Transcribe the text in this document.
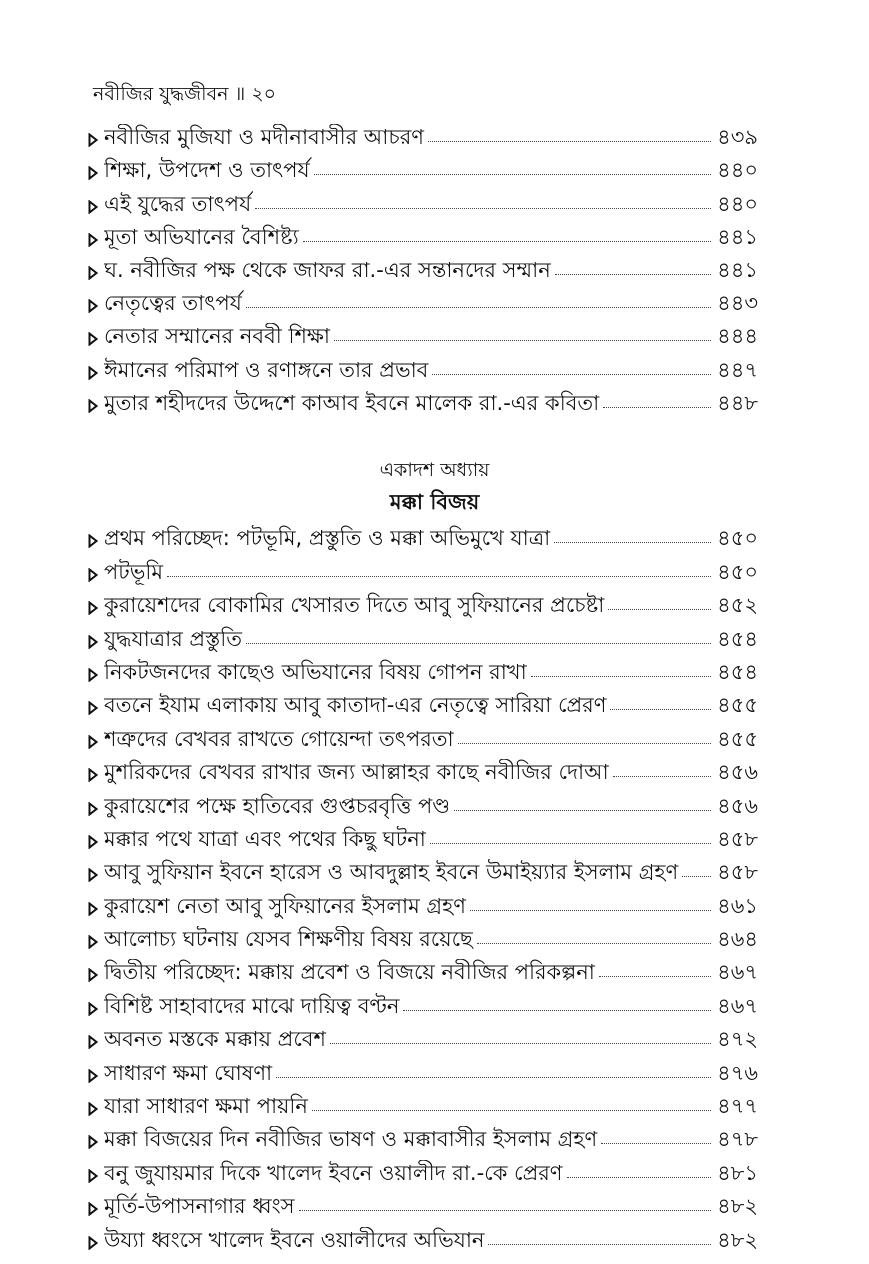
নবীজির যুদ্ধজীবন ॥ ২০
নবীজির মুজিযা ও মদীনাবাসীর আচরণ	৪৩৯
শিক্ষা, উপদেশ ও তাৎপর্য	৪৪০
এই যুদ্ধের তাৎপর্য	৪৪০
মূতা অভিযানের বৈশিষ্ট্য	৪৪১
ঘ. নবীজির পক্ষ থেকে জাফর রা.-এর সন্তানদের সম্মান	৪৪১
নেতৃত্বের তাৎপর্য	৪৪৩
নেতার সম্মানের নববী শিক্ষা	৪৪৪
ঈমানের পরিমাপ ও রণাঙ্গনে তার প্রভাব	৪৪৭
মুতার শহীদদের উদ্দেশে কাআব ইবনে মালেক রা.-এর কবিতা	৪৪৮
একাদশ অধ্যায়
মক্কা বিজয়
প্রথম পরিচ্ছেদ: পটভূমি, প্রস্তুতি ও মক্কা অভিমুখে যাত্রা	৪৫০
পটভূমি	৪৫০
কুরায়েশদের বোকামির খেসারত দিতে আবু সুফিয়ানের প্রচেষ্টা	৪৫২
যুদ্ধযাত্রার প্রস্তুতি	৪৫৪
নিকটজনদের কাছেও অভিযানের বিষয় গোপন রাখা	৪৫৪
বতনে ইযাম এলাকায় আবু কাতাদা-এর নেতৃত্বে সারিয়া প্রেরণ	৪৫৫
শত্রুদের বেখবর রাখতে গোয়েন্দা তৎপরতা	৪৫৫
মুশরিকদের বেখবর রাখার জন্য আল্লাহর কাছে নবীজির দোআ	৪৫৬
কুরায়েশের পক্ষে হাতিবের গুপ্তচরবৃত্তি পণ্ড	৪৫৬
মক্কার পথে যাত্রা এবং পথের কিছু ঘটনা	৪৫৮
আবু সুফিয়ান ইবনে হারেস ও আবদুল্লাহ ইবনে উমাইয়্যার ইসলাম গ্রহণ ৪৫৮
কুরায়েশ নেতা আবু সুফিয়ানের ইসলাম গ্রহণ	৪৬১
আলোচ্য ঘটনায় যেসব শিক্ষণীয় বিষয় রয়েছে	৪৬৪
দ্বিতীয় পরিচ্ছেদ: মক্কায় প্রবেশ ও বিজয়ে নবীজির পরিকল্পনা	৪৬৭
বিশিষ্ট সাহাবাদের মাঝে দায়িত্ব বণ্টন	৪৬৭
অবনত মস্তকে মক্কায় প্রবেশ	৪৭২
সাধারণ ক্ষমা ঘোষণা	৪৭৬
যারা সাধারণ ক্ষমা পায়নি	৪৭৭
মক্কা বিজয়ের দিন নবীজির ভাষণ ও মক্কাবাসীর ইসলাম গ্রহণ	৪৭৮
বনু জুযায়মার দিকে খালেদ ইবনে ওয়ালীদ রা.-কে প্রেরণ	৪৮১
মূর্তি-উপাসনাগার ধ্বংস	৪৮২
উয্যা ধ্বংসে খালেদ ইবনে ওয়ালীদের অভিযান	৪৮২
